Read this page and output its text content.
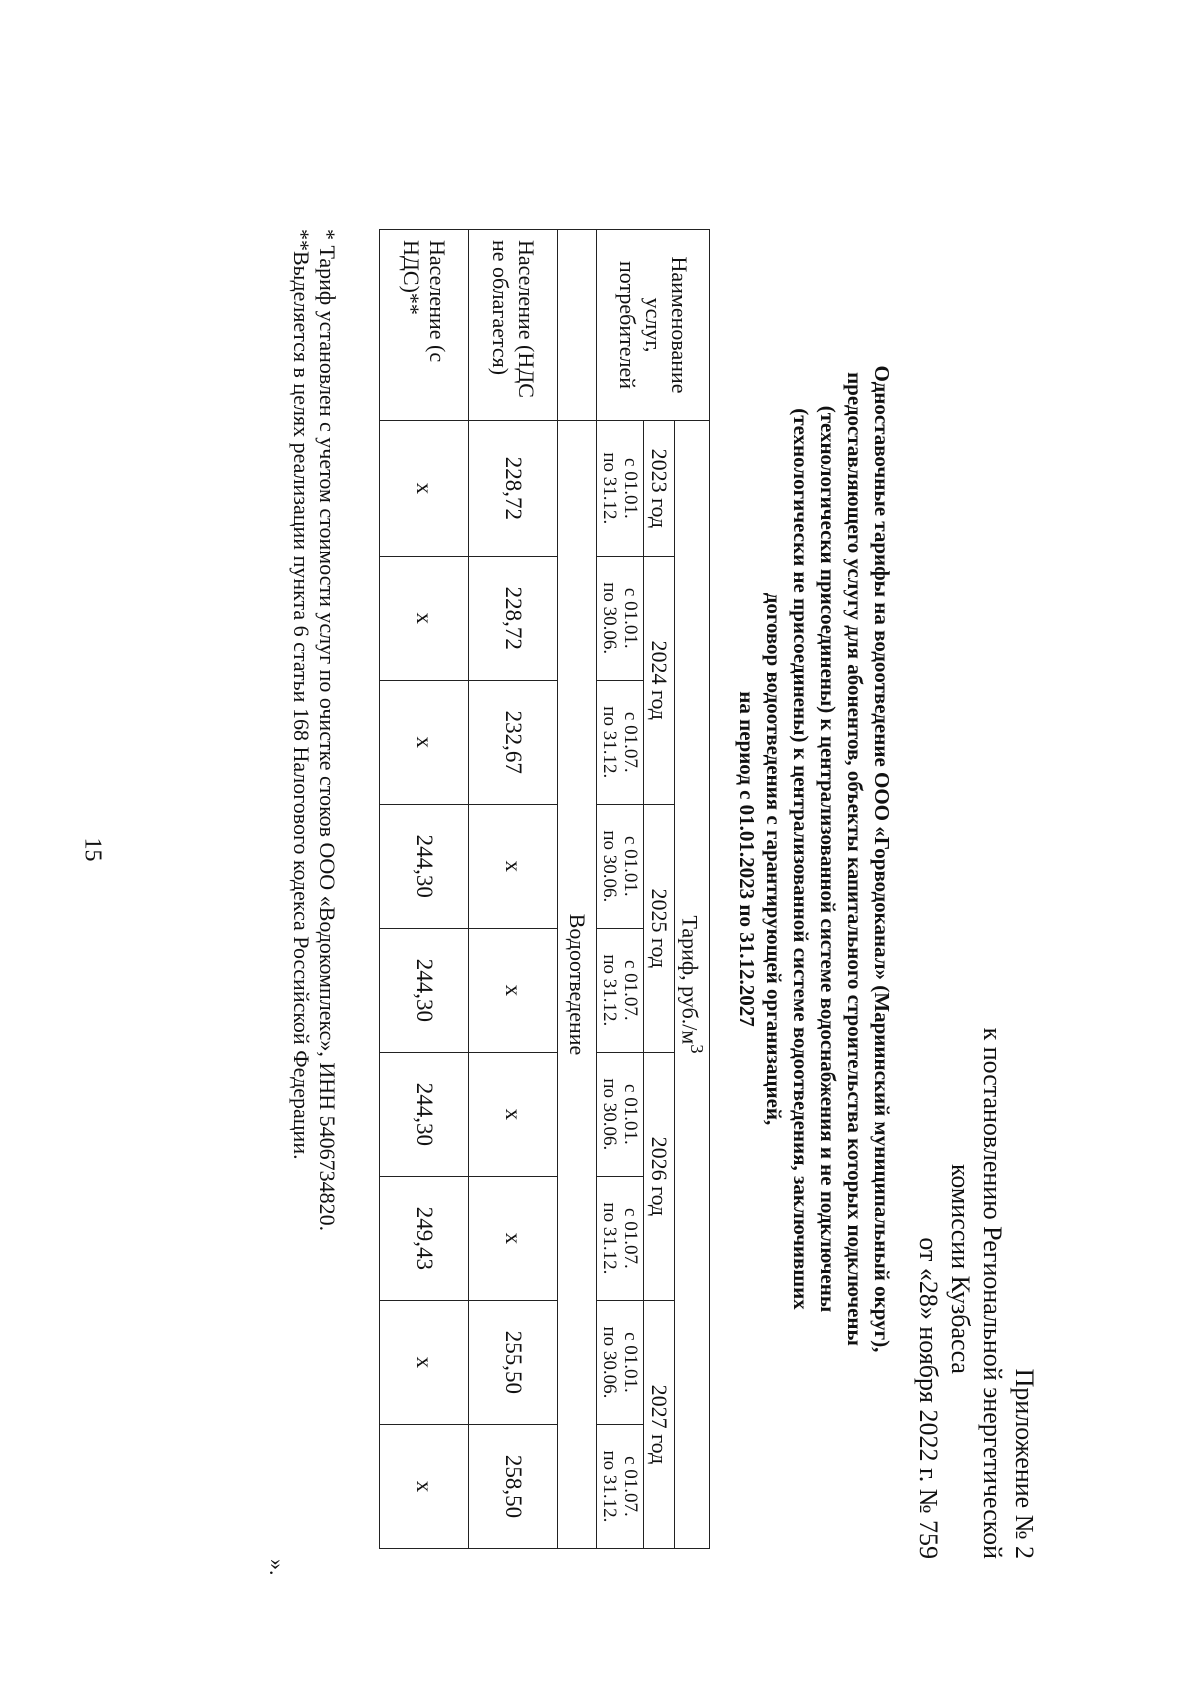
15
Приложение № 2
к постановлению Региональной энергетической
комиссии Кузбасса
от «28» ноября 2022 г. № 759
Одноставочные тарифы на водоотведение ООО «Горводоканал» (Мариинский муниципальный округ),
предоставляющего услугу для абонентов, объекты капитального строительства которых подключены
(технологически присоединены) к централизованной системе водоснабжения и не подключены
(технологически не присоединены) к централизованной системе водоотведения, заключивших
договор водоотведения с гарантирующей организацией,
на период с 01.01.2023 по 31.12.2027
Наименование услуг, потребителей	Тариф, $руб./м^3$
	2023 год	2024 год		2025 год		2026 год		2027 год	

	с 01.01.
по 31.12.	с 01.01.
по 30.06.	с 01.07.
по 31.12.	с 01.01.
по 30.06.	с 01.07.
по 31.12.	с 01.01.
по 30.06.	с 01.07.
по 31.12.	с 01.01.
по 30.06.	с 01.07.
по 31.12.

	Водоотведение								
Население (НДС не облагается)	228,72	228,72	232,67	х	х	х	х	255,50	258,50
Население (с НДС)**	х	х	х	244,30	244,30	244,30	249,43	х	х
* Тариф установлен с учетом стоимости услуг по очистке стоков ООО «Водокомплекс», ИНН 5406734820.
**Выделяется в целях реализации пункта 6 статьи 168 Налогового кодекса Российской Федерации.
».
